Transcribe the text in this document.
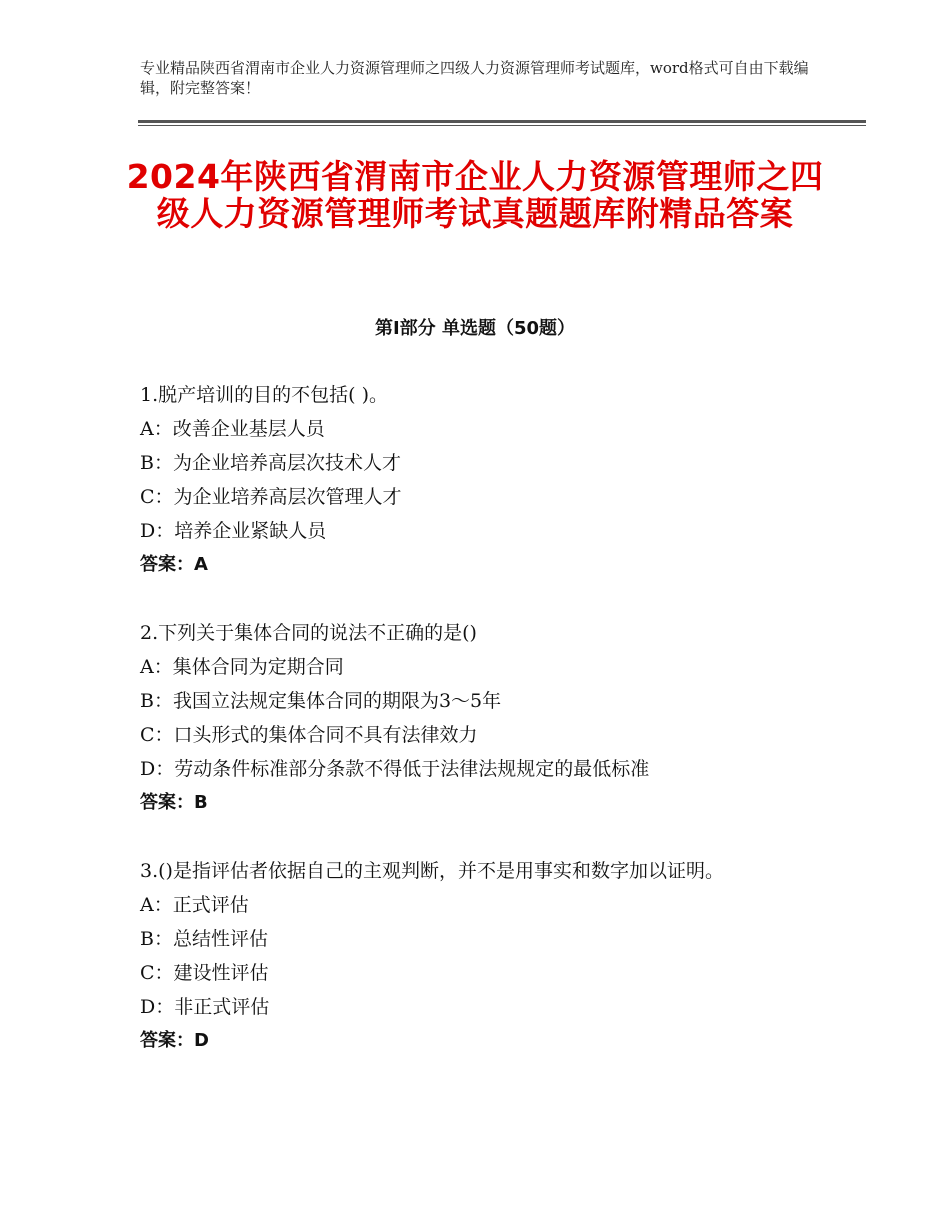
专业精品陕西省渭南市企业人力资源管理师之四级人力资源管理师考试题库，word格式可自由下载编辑，附完整答案！
2024年陕西省渭南市企业人力资源管理师之四级人力资源管理师考试真题题库附精品答案
第Ⅰ部分 单选题（50题）
1.脱产培训的目的不包括( )。
A：改善企业基层人员
B：为企业培养高层次技术人才
C：为企业培养高层次管理人才
D：培养企业紧缺人员
答案：A
2.下列关于集体合同的说法不正确的是()
A：集体合同为定期合同
B：我国立法规定集体合同的期限为3～5年
C：口头形式的集体合同不具有法律效力
D：劳动条件标准部分条款不得低于法律法规规定的最低标准
答案：B
3.()是指评估者依据自己的主观判断，并不是用事实和数字加以证明。
A：正式评估
B：总结性评估
C：建设性评估
D：非正式评估
答案：D
